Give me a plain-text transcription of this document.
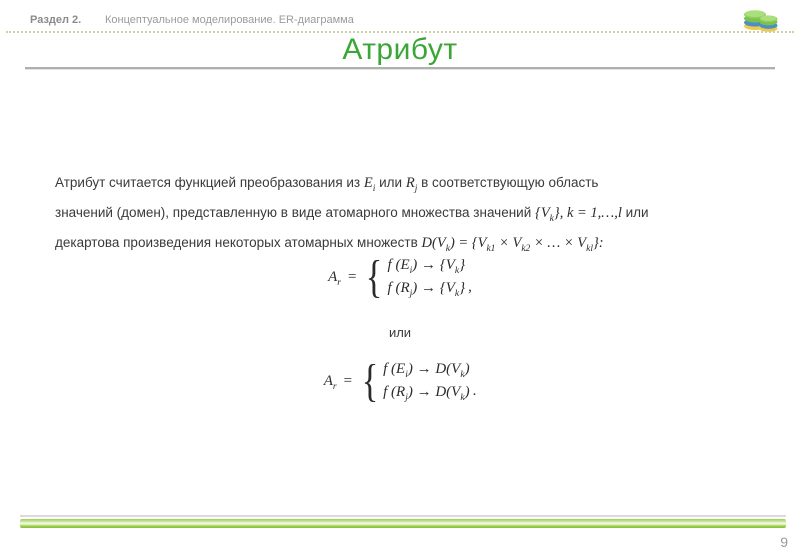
Раздел 2. Концептуальное моделирование. ER-диаграмма
Атрибут
Атрибут считается функцией преобразования из $E_i$ или $R_j$ в соответствующую область
значений (домен), представленную в виде атомарного множества значений $\{V_k\}$, k = 1,…,l или
декартова произведения некоторых атомарных множеств $D(V_k) = \{V_{k1} \times V_{k2}$ × … × $V_{kl}$}:
$A_r$ = { f $(E_i) \to \{V_k\}$
f $(R_j) \to \{V_k\}$ ,
или
$A_r$ = { f $(E_i) \to D(V_k)$
f $(R_j) \to D(V_k)$ .
9
